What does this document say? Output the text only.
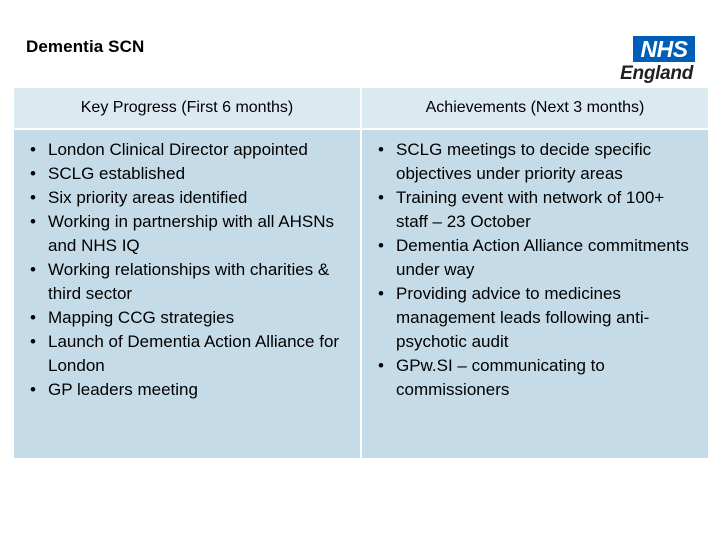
Dementia SCN	NHS
England
Key Progress (First 6 months)
• London Clinical Director appointed
• SCLG established
• Six priority areas identified
• Working in partnership with all AHSNs and NHS IQ
• Working relationships with charities & third sector
• Mapping CCG strategies
• Launch of Dementia Action Alliance for London
• GP leaders meeting
Achievements (Next 3 months)
• SCLG meetings to decide specific objectives under priority areas
• Training event with network of 100+ staff – 23 October
• Dementia Action Alliance commitments under way
• Providing advice to medicines management leads following anti-psychotic audit
• GPw.SI – communicating to commissioners
